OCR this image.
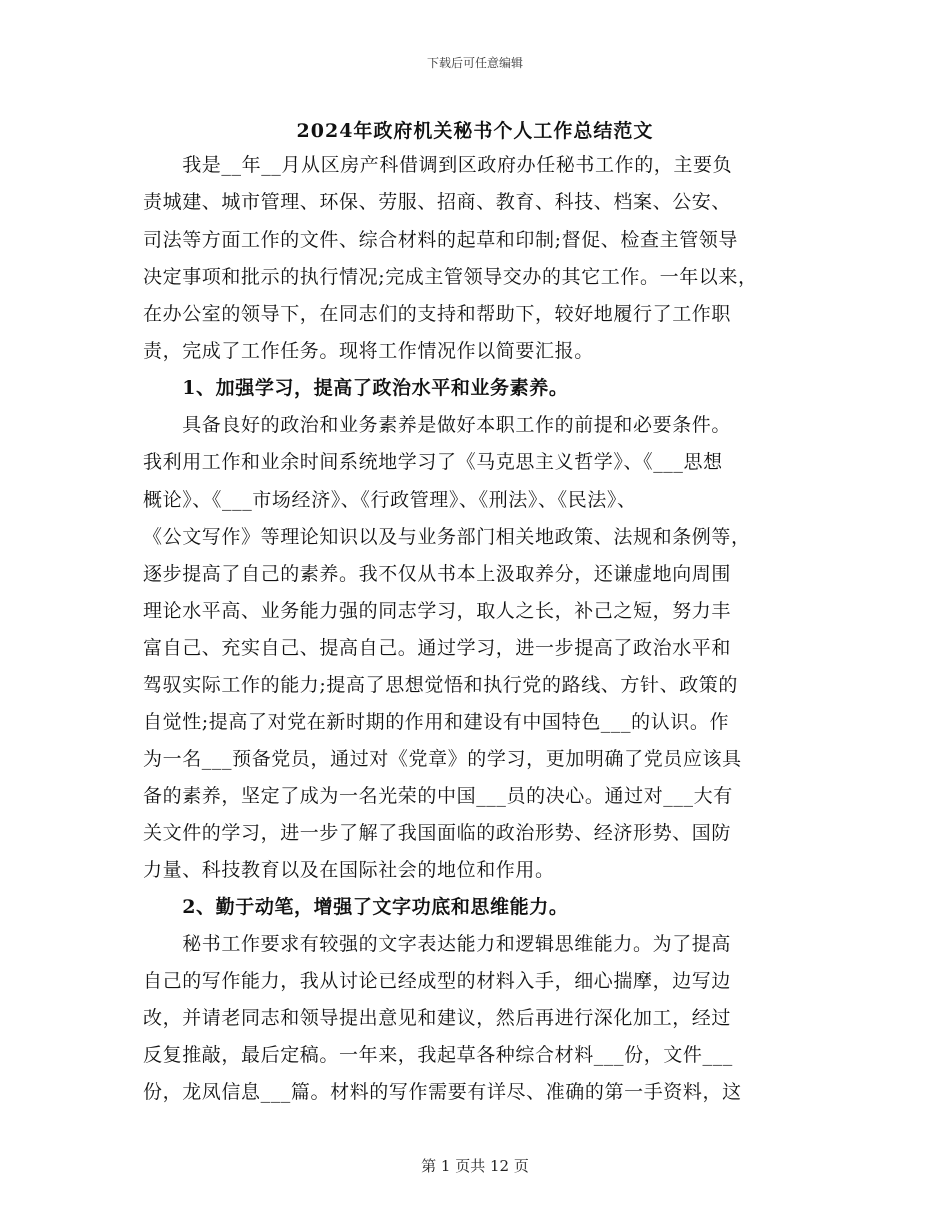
下载后可任意编辑
2024年政府机关秘书个人工作总结范文
　　我是__年__月从区房产科借调到区政府办任秘书工作的，主要负
责城建、城市管理、环保、劳服、招商、教育、科技、档案、公安、
司法等方面工作的文件、综合材料的起草和印制;督促、检查主管领导
决定事项和批示的执行情况;完成主管领导交办的其它工作。一年以来，
在办公室的领导下，在同志们的支持和帮助下，较好地履行了工作职
责，完成了工作任务。现将工作情况作以简要汇报。
　　1、加强学习，提高了政治水平和业务素养。
　　具备良好的政治和业务素养是做好本职工作的前提和必要条件。
我利用工作和业余时间系统地学习了《马克思主义哲学》、《___思想
概论》、《___市场经济》、《行政管理》、《刑法》、《民法》、
《公文写作》等理论知识以及与业务部门相关地政策、法规和条例等，
逐步提高了自己的素养。我不仅从书本上汲取养分，还谦虚地向周围
理论水平高、业务能力强的同志学习，取人之长，补己之短，努力丰
富自己、充实自己、提高自己。通过学习，进一步提高了政治水平和
驾驭实际工作的能力;提高了思想觉悟和执行党的路线、方针、政策的
自觉性;提高了对党在新时期的作用和建设有中国特色___的认识。作
为一名___预备党员，通过对《党章》的学习，更加明确了党员应该具
备的素养，坚定了成为一名光荣的中国___员的决心。通过对___大有
关文件的学习，进一步了解了我国面临的政治形势、经济形势、国防
力量、科技教育以及在国际社会的地位和作用。
　　2、勤于动笔，增强了文字功底和思维能力。
　　秘书工作要求有较强的文字表达能力和逻辑思维能力。为了提高
自己的写作能力，我从讨论已经成型的材料入手，细心揣摩，边写边
改，并请老同志和领导提出意见和建议，然后再进行深化加工，经过
反复推敲，最后定稿。一年来，我起草各种综合材料___份，文件___
份，龙凤信息___篇。材料的写作需要有详尽、准确的第一手资料，这
第 1 页共 12 页
